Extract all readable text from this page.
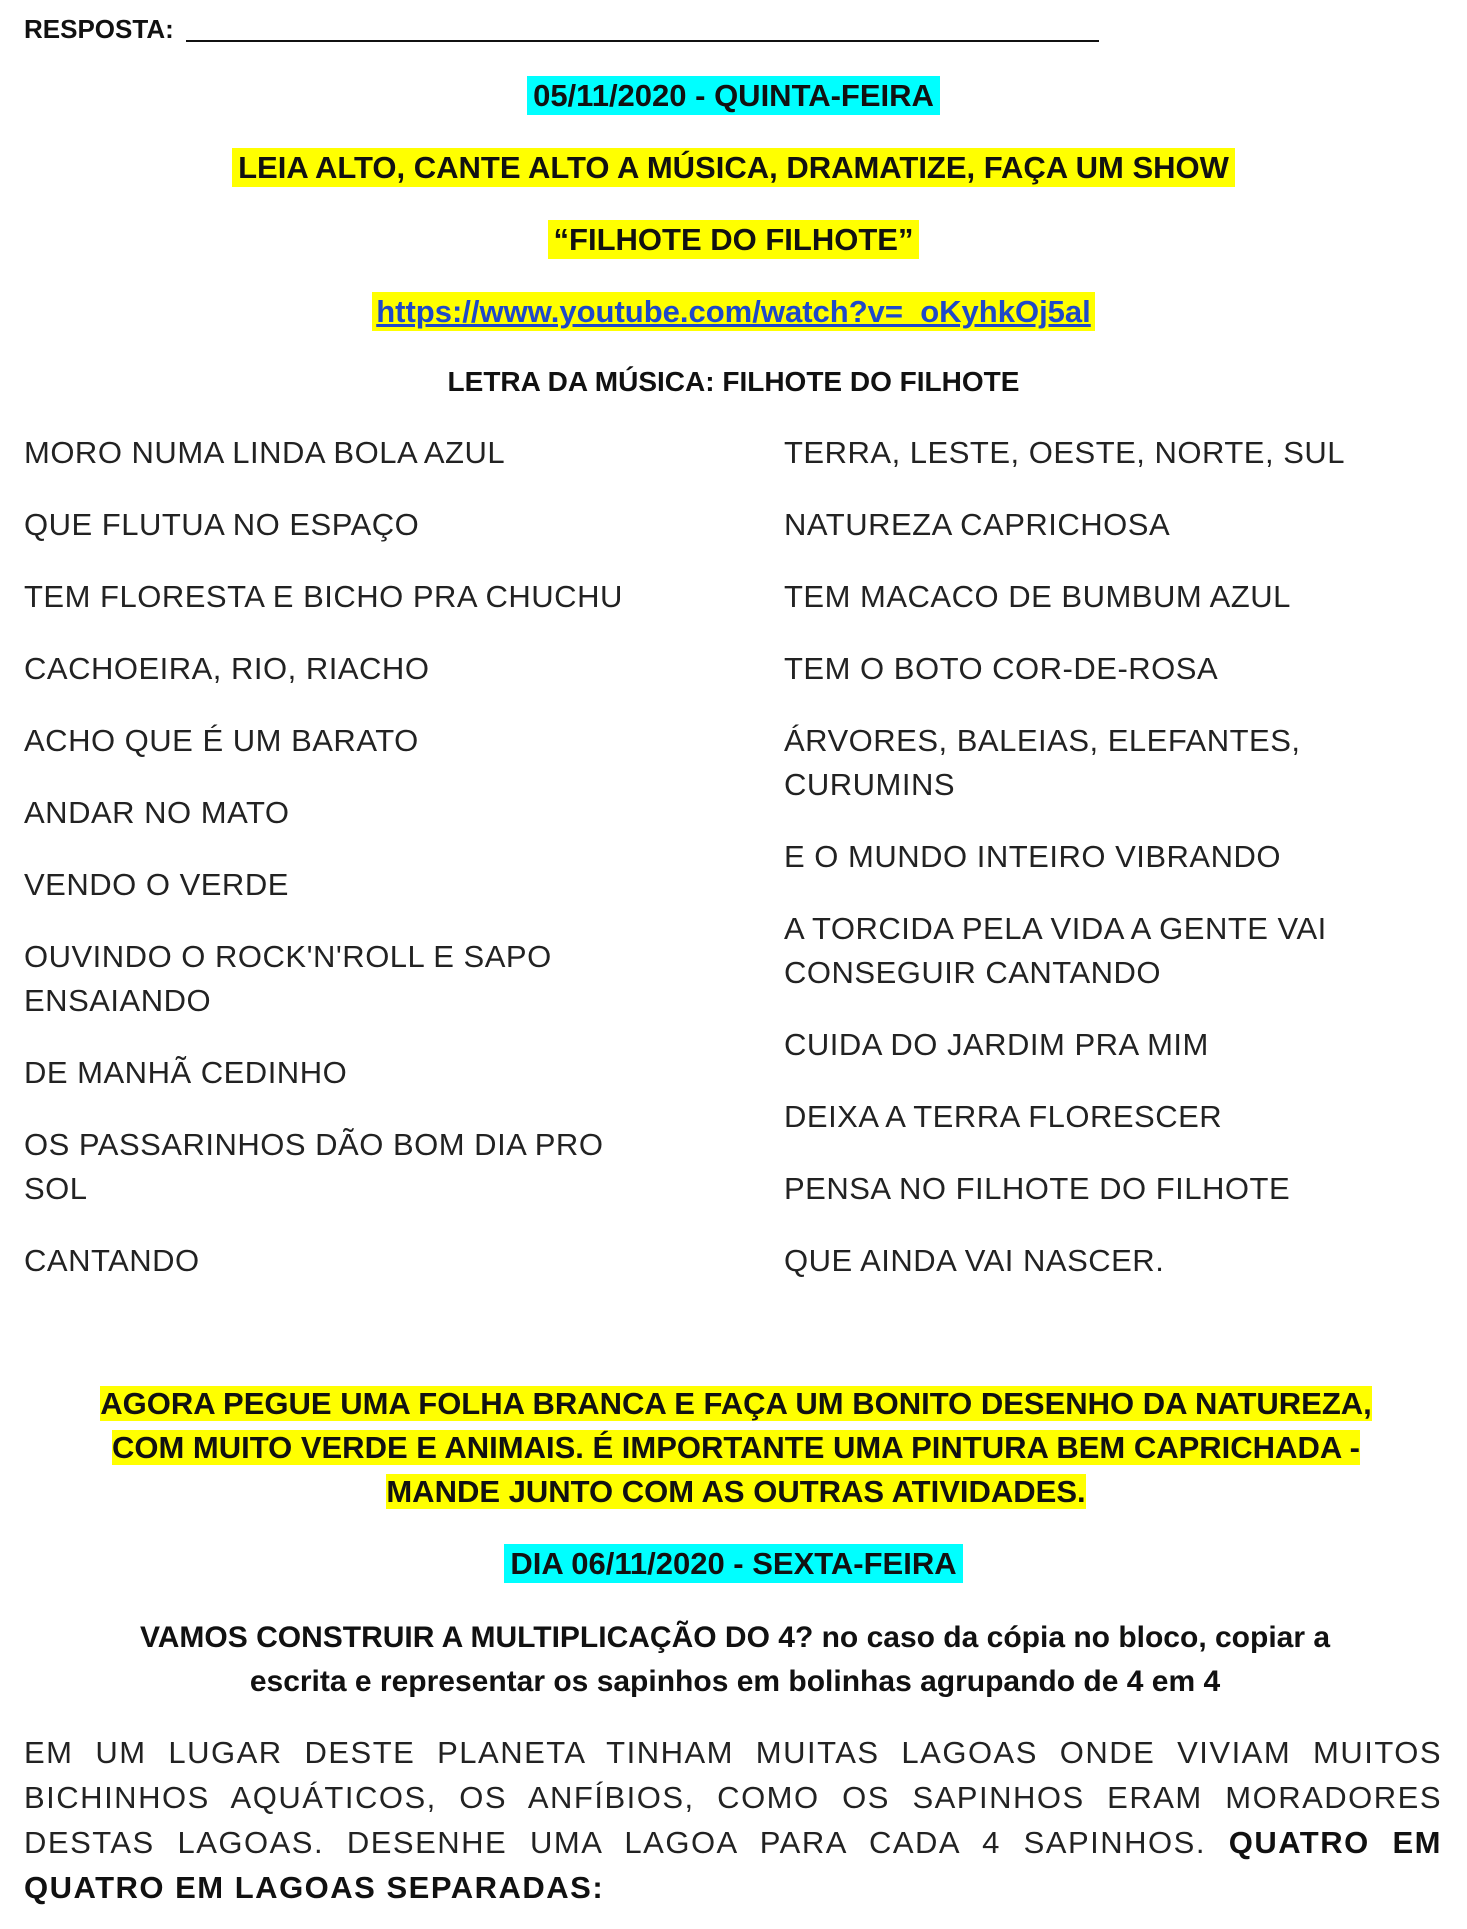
RESPOSTA:
05/11/2020 - QUINTA-FEIRA
LEIA ALTO, CANTE ALTO A MÚSICA, DRAMATIZE, FAÇA UM SHOW
“FILHOTE DO FILHOTE”
https://www.youtube.com/watch?v=_oKyhkOj5al
LETRA DA MÚSICA: FILHOTE DO FILHOTE
MORO NUMA LINDA BOLA AZUL
QUE FLUTUA NO ESPAÇO
TEM FLORESTA E BICHO PRA CHUCHU
CACHOEIRA, RIO, RIACHO
ACHO QUE É UM BARATO
ANDAR NO MATO
VENDO O VERDE
OUVINDO O ROCK'N'ROLL E SAPO ENSAIANDO
DE MANHÃ CEDINHO
OS PASSARINHOS DÃO BOM DIA PRO SOL
CANTANDO
TERRA, LESTE, OESTE, NORTE, SUL
NATUREZA CAPRICHOSA
TEM MACACO DE BUMBUM AZUL
TEM O BOTO COR-DE-ROSA
ÁRVORES, BALEIAS, ELEFANTES, CURUMINS
E O MUNDO INTEIRO VIBRANDO
A TORCIDA PELA VIDA A GENTE VAI CONSEGUIR CANTANDO
CUIDA DO JARDIM PRA MIM
DEIXA A TERRA FLORESCER
PENSA NO FILHOTE DO FILHOTE
QUE AINDA VAI NASCER.
AGORA PEGUE UMA FOLHA BRANCA E FAÇA UM BONITO DESENHO DA NATUREZA,
COM MUITO VERDE E ANIMAIS. É IMPORTANTE UMA PINTURA BEM CAPRICHADA -
MANDE JUNTO COM AS OUTRAS ATIVIDADES.
DIA 06/11/2020 - SEXTA-FEIRA
VAMOS CONSTRUIR A MULTIPLICAÇÃO DO 4? no caso da cópia no bloco, copiar a
escrita e representar os sapinhos em bolinhas agrupando de 4 em 4
EM UM LUGAR DESTE PLANETA TINHAM MUITAS LAGOAS ONDE VIVIAM MUITOS BICHINHOS AQUÁTICOS, OS ANFÍBIOS, COMO OS SAPINHOS ERAM MORADORES DESTAS LAGOAS. DESENHE UMA LAGOA PARA CADA 4 SAPINHOS. QUATRO EM QUATRO EM LAGOAS SEPARADAS:
